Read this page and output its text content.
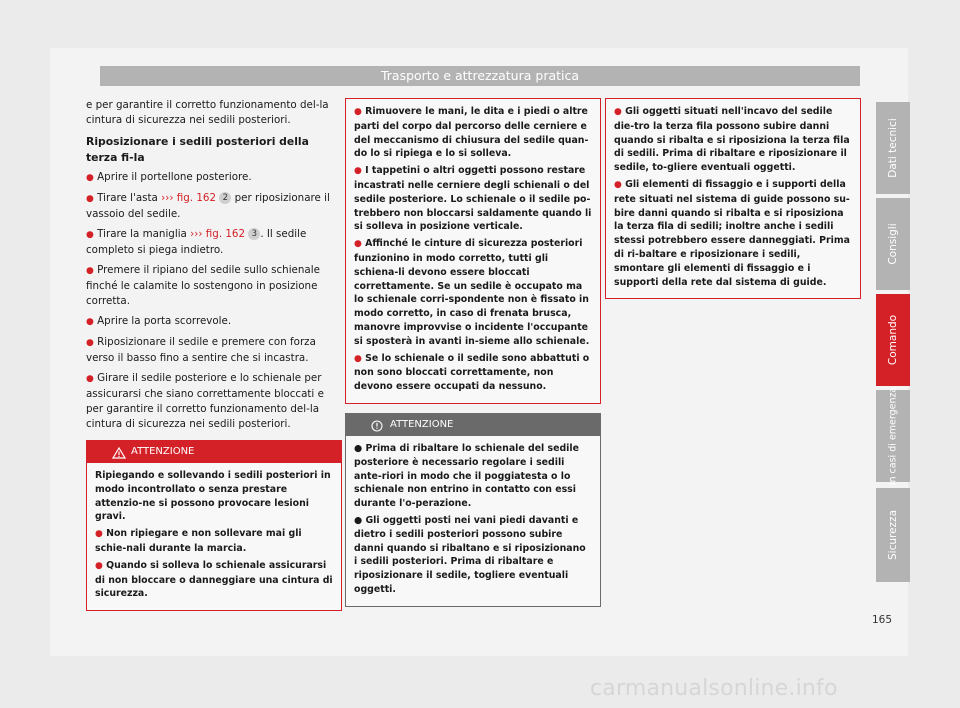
Trasporto e attrezzatura pratica

e per garantire il corretto funzionamento del-la cintura di sicurezza nei sedili posteriori.

Riposizionare i sedili posteriori della terza fi-la

● Aprire il portellone posteriore.

● Tirare l'asta ››› fig. 162 2 per riposizionare il vassoio del sedile.

● Tirare la maniglia ››› fig. 162 3 . Il sedile completo si piega indietro.

● Premere il ripiano del sedile sullo schienale finché le calamite lo sostengono in posizione corretta.

● Aprire la porta scorrevole.

● Riposizionare il sedile e premere con forza verso il basso fino a sentire che si incastra.

● Girare il sedile posteriore e lo schienale per assicurarsi che siano correttamente bloccati e per garantire il corretto funzionamento del-la cintura di sicurezza nei sedili posteriori.

ATTENZIONE

Ripiegando e sollevando i sedili posteriori in modo incontrollato o senza prestare attenzio-ne si possono provocare lesioni gravi.

● Non ripiegare e non sollevare mai gli schie-nali durante la marcia.

● Quando si solleva lo schienale assicurarsi di non bloccare o danneggiare una cintura di sicurezza.

● Rimuovere le mani, le dita e i piedi o altre parti del corpo dal percorso delle cerniere e del meccanismo di chiusura del sedile quan-do lo si ripiega e lo si solleva.

● I tappetini o altri oggetti possono restare incastrati nelle cerniere degli schienali o del sedile posteriore. Lo schienale o il sedile po-trebbero non bloccarsi saldamente quando li si solleva in posizione verticale.

● Affinché le cinture di sicurezza posteriori funzionino in modo corretto, tutti gli schiena-li devono essere bloccati correttamente. Se un sedile è occupato ma lo schienale corri-spondente non è fissato in modo corretto, in caso di frenata brusca, manovre improvvise o incidente l'occupante si sposterà in avanti in-sieme allo schienale.

● Se lo schienale o il sedile sono abbattuti o non sono bloccati correttamente, non devono essere occupati da nessuno.

ATTENZIONE

● Prima di ribaltare lo schienale del sedile posteriore è necessario regolare i sedili ante-riori in modo che il poggiatesta o lo schienale non entrino in contatto con essi durante l'o-perazione.

● Gli oggetti posti nei vani piedi davanti e dietro i sedili posteriori possono subire danni quando si ribaltano e si riposizionano i sedili posteriori. Prima di ribaltare e riposizionare il sedile, togliere eventuali oggetti.

● Gli oggetti situati nell'incavo del sedile die-tro la terza fila possono subire danni quando si ribalta e si riposiziona la terza fila di sedili. Prima di ribaltare e riposizionare il sedile, to-gliere eventuali oggetti.

● Gli elementi di fissaggio e i supporti della rete situati nel sistema di guide possono su-bire danni quando si ribalta e si riposiziona la terza fila di sedili; inoltre anche i sedili stessi potrebbero essere danneggiati. Prima di ri-baltare e riposizionare i sedili, smontare gli elementi di fissaggio e i supporti della rete dal sistema di guide.

Dati tecnici
Consigli
Comando
In casi di emergenza
Sicurezza
165
carmanualsonline.info
